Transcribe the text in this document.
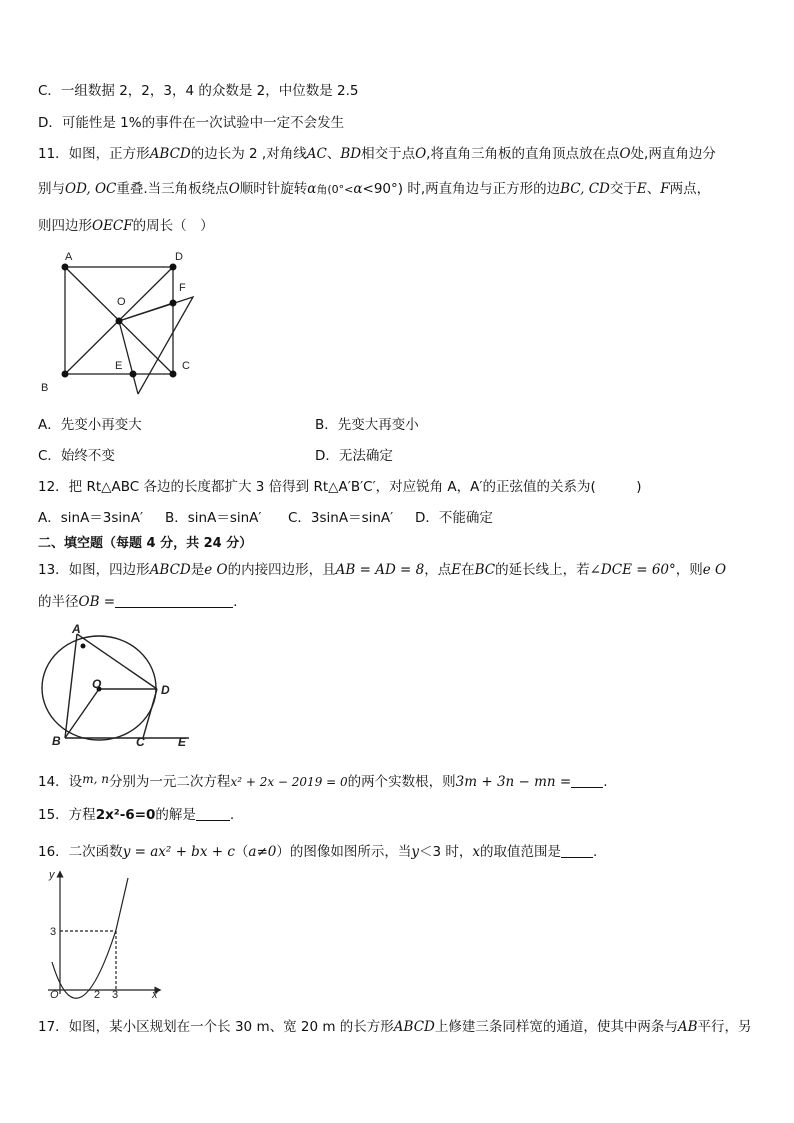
C．一组数据 2，2，3，4 的众数是 2，中位数是 2.5
D．可能性是 1%的事件在一次试验中一定不会发生
11．如图，正方形ABCD的边长为 2 ,对角线AC、BD相交于点O,将直角三角板的直角顶点放在点O处,两直角边分
别与OD, OC重叠.当三角板绕点O顺时针旋转α角(0°<α<90°) 时,两直角边与正方形的边BC, CD交于E、F两点，
则四边形OECF的周长（　）
A	D
O
F
B
E	C
A．先变小再变大	B．先变大再变小
C．始终不变	D．无法确定
12．把 Rt△ABC 各边的长度都扩大 3 倍得到 Rt△A′B′C′，对应锐角 A，A′的正弦值的关系为(　　　)
A．sinA＝3sinA′ B．sinA＝sinA′ C．3sinA＝sinA′ D．不能确定
二、填空题（每题 4 分，共 24 分）
13．如图，四边形ABCD是e O的内接四边形，且AB = AD = 8，点E在BC的延长线上，若∠DCE = 60°，则e O
的半径OB =	.
A
O	D
B	C	E
14．设m, n分别为一元二次方程x² + 2x − 2019 = 0的两个实数根，则3m + 3n − mn = .
15．方程2x²-6=0的解是	.
16．二次函数y = ax² + bx + c（a≠0）的图像如图所示，当y＜3 时，x的取值范围是 .
y
x
3
O	2 3
17．如图，某小区规划在一个长 30 m、宽 20 m 的长方形ABCD上修建三条同样宽的通道，使其中两条与AB平行，另
